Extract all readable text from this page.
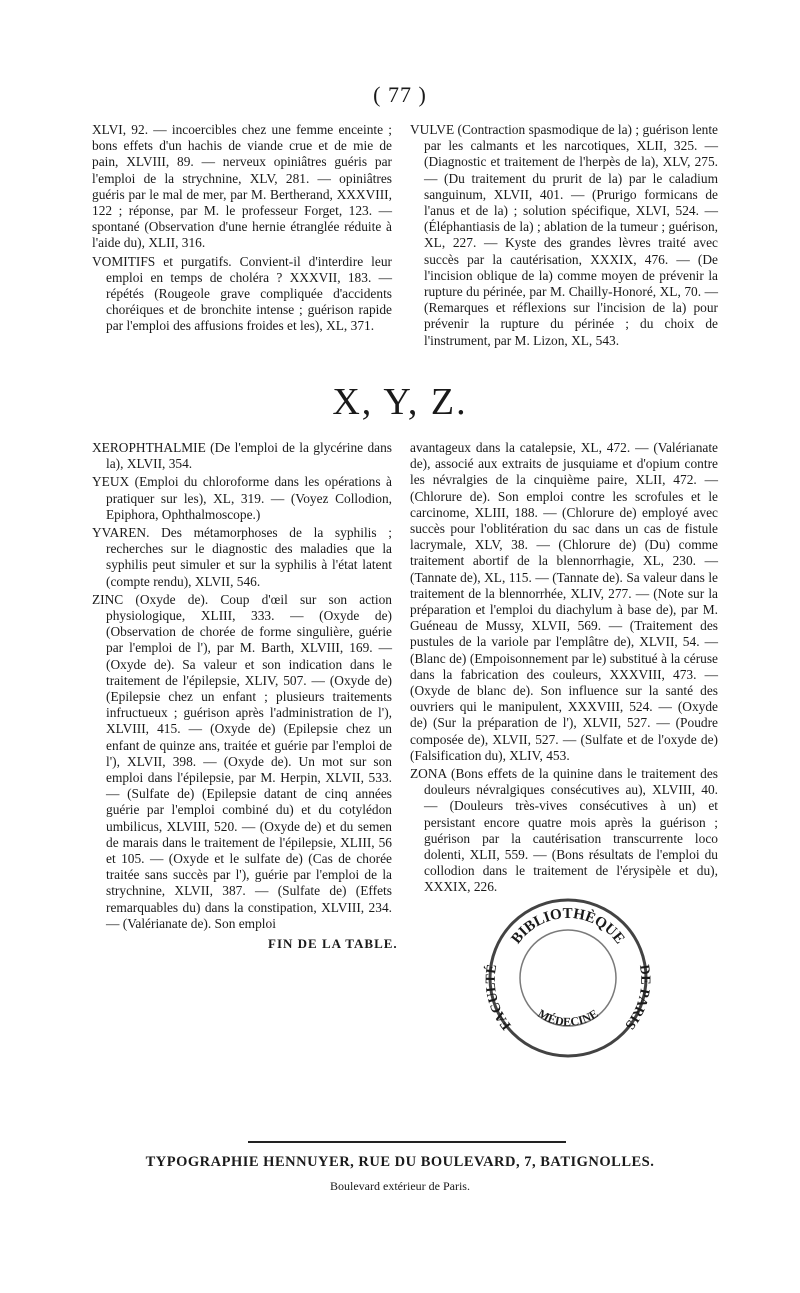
( 77 )

XLVI, 92. — incoercibles chez une femme enceinte ; bons effets d'un hachis de viande crue et de mie de pain, XLVIII, 89. — nerveux opiniâtres guéris par l'emploi de la strychnine, XLV, 281. — opiniâtres guéris par le mal de mer, par M. Bertherand, XXXVIII, 122 ; réponse, par M. le professeur Forget, 123. — spontané (Observation d'une hernie étranglée réduite à l'aide du), XLII, 316.

VOMITIFS et purgatifs. Convient-il d'interdire leur emploi en temps de choléra ? XXXVII, 183. — répétés (Rougeole grave compliquée d'accidents choréiques et de bronchite intense ; guérison rapide par l'emploi des affusions froides et les), XL, 371.

VULVE (Contraction spasmodique de la) ; guérison lente par les calmants et les narcotiques, XLII, 325. — (Diagnostic et traitement de l'herpès de la), XLV, 275. — (Du traitement du prurit de la) par le caladium sanguinum, XLVII, 401. — (Prurigo formicans de l'anus et de la) ; solution spécifique, XLVI, 524. — (Éléphantiasis de la) ; ablation de la tumeur ; guérison, XL, 227. — Kyste des grandes lèvres traité avec succès par la cautérisation, XXXIX, 476. — (De l'incision oblique de la) comme moyen de prévenir la rupture du périnée, par M. Chailly-Honoré, XL, 70. — (Remarques et réflexions sur l'incision de la) pour prévenir la rupture du périnée ; du choix de l'instrument, par M. Lizon, XL, 543.

X, Y, Z.

XEROPHTHALMIE (De l'emploi de la glycérine dans la), XLVII, 354.

YEUX (Emploi du chloroforme dans les opérations à pratiquer sur les), XL, 319. — (Voyez Collodion, Epiphora, Ophthalmoscope.)

YVAREN. Des métamorphoses de la syphilis ; recherches sur le diagnostic des maladies que la syphilis peut simuler et sur la syphilis à l'état latent (compte rendu), XLVII, 546.

ZINC (Oxyde de). Coup d'œil sur son action physiologique, XLIII, 333. — (Oxyde de) (Observation de chorée de forme singulière, guérie par l'emploi de l'), par M. Barth, XLVIII, 169. — (Oxyde de). Sa valeur et son indication dans le traitement de l'épilepsie, XLIV, 507. — (Oxyde de) (Epilepsie chez un enfant ; plusieurs traitements infructueux ; guérison après l'administration de l'), XLVIII, 415. — (Oxyde de) (Epilepsie chez un enfant de quinze ans, traitée et guérie par l'emploi de l'), XLVII, 398. — (Oxyde de). Un mot sur son emploi dans l'épilepsie, par M. Herpin, XLVII, 533. — (Sulfate de) (Epilepsie datant de cinq années guérie par l'emploi combiné du) et du cotylédon umbilicus, XLVIII, 520. — (Oxyde de) et du semen de marais dans le traitement de l'épilepsie, XLIII, 56 et 105. — (Oxyde et le sulfate de) (Cas de chorée traitée sans succès par l'), guérie par l'emploi de la strychnine, XLVII, 387. — (Sulfate de) (Effets remarquables du) dans la constipation, XLVIII, 234. — (Valérianate de). Son emploi

avantageux dans la catalepsie, XL, 472. — (Valérianate de), associé aux extraits de jusquiame et d'opium contre les névralgies de la cinquième paire, XLII, 472. — (Chlorure de). Son emploi contre les scrofules et le carcinome, XLIII, 188. — (Chlorure de) employé avec succès pour l'oblitération du sac dans un cas de fistule lacrymale, XLV, 38. — (Chlorure de) (Du) comme traitement abortif de la blennorrhagie, XL, 230. — (Tannate de), XL, 115. — (Tannate de). Sa valeur dans le traitement de la blennorrhée, XLIV, 277. — (Note sur la préparation et l'emploi du diachylum à base de), par M. Guéneau de Mussy, XLVII, 569. — (Traitement des pustules de la variole par l'emplâtre de), XLVII, 54. — (Blanc de) (Empoisonnement par le) substitué à la céruse dans la fabrication des couleurs, XXXVIII, 473. — (Oxyde de blanc de). Son influence sur la santé des ouvriers qui le manipulent, XXXVIII, 524. — (Oxyde de) (Sur la préparation de l'), XLVII, 527. — (Poudre composée de), XLVII, 527. — (Sulfate et de l'oxyde de) (Falsification du), XLIV, 453.

ZONA (Bons effets de la quinine dans le traitement des douleurs névralgiques consécutives au), XLVIII, 40. — (Douleurs très-vives consécutives à un) et persistant encore quatre mois après la guérison ; guérison par la cautérisation transcurrente loco dolenti, XLII, 559. — (Bons résultats de l'emploi du collodion dans le traitement de l'érysipèle et du), XXXIX, 226.

FIN DE LA TABLE.	BIBLIOTHÈQUE
FACULTÉ	DE PARIS
MÉDECINE
TYPOGRAPHIE HENNUYER, RUE DU BOULEVARD, 7, BATIGNOLLES.
Boulevard extérieur de Paris.
